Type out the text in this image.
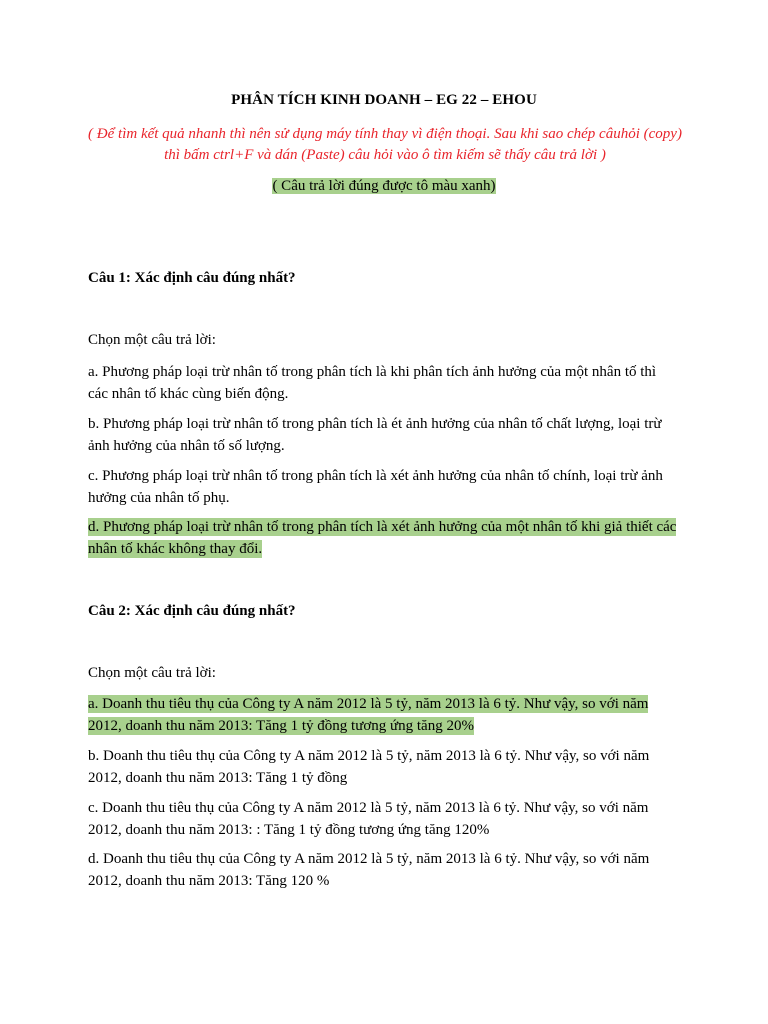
PHÂN TÍCH KINH DOANH – EG 22 – EHOU
( Để tìm kết quả nhanh thì nên sử dụng máy tính thay vì điện thoại. Sau khi sao chép câuhỏi (copy) thì bấm ctrl+F và dán (Paste) câu hỏi vào ô tìm kiếm sẽ thấy câu trả lời )
( Câu trả lời đúng được tô màu xanh)
Câu 1: Xác định câu đúng nhất?
Chọn một câu trả lời:
a. Phương pháp loại trừ nhân tố trong phân tích là khi phân tích ảnh hưởng của một nhân tố thì các nhân tố khác cùng biến động.
b. Phương pháp loại trừ nhân tố trong phân tích là ét ảnh hưởng của nhân tố chất lượng, loại trừ ảnh hưởng của nhân tố số lượng.
c. Phương pháp loại trừ nhân tố trong phân tích là xét ảnh hưởng của nhân tố chính, loại trừ ảnh hưởng của nhân tố phụ.
d. Phương pháp loại trừ nhân tố trong phân tích là xét ảnh hưởng của một nhân tố khi giả thiết các nhân tố khác không thay đổi.
Câu 2: Xác định câu đúng nhất?
Chọn một câu trả lời:
a. Doanh thu tiêu thụ của Công ty A năm 2012 là 5 tỷ, năm 2013 là 6 tỷ. Như vậy, so với năm 2012, doanh thu năm 2013: Tăng 1 tỷ đồng tương ứng tăng 20%
b. Doanh thu tiêu thụ của Công ty A năm 2012 là 5 tỷ, năm 2013 là 6 tỷ. Như vậy, so với năm 2012, doanh thu năm 2013: Tăng 1 tỷ đồng
c. Doanh thu tiêu thụ của Công ty A năm 2012 là 5 tỷ, năm 2013 là 6 tỷ. Như vậy, so với năm 2012, doanh thu năm 2013: : Tăng 1 tỷ đồng tương ứng tăng 120%
d. Doanh thu tiêu thụ của Công ty A năm 2012 là 5 tỷ, năm 2013 là 6 tỷ. Như vậy, so với năm 2012, doanh thu năm 2013: Tăng 120 %
